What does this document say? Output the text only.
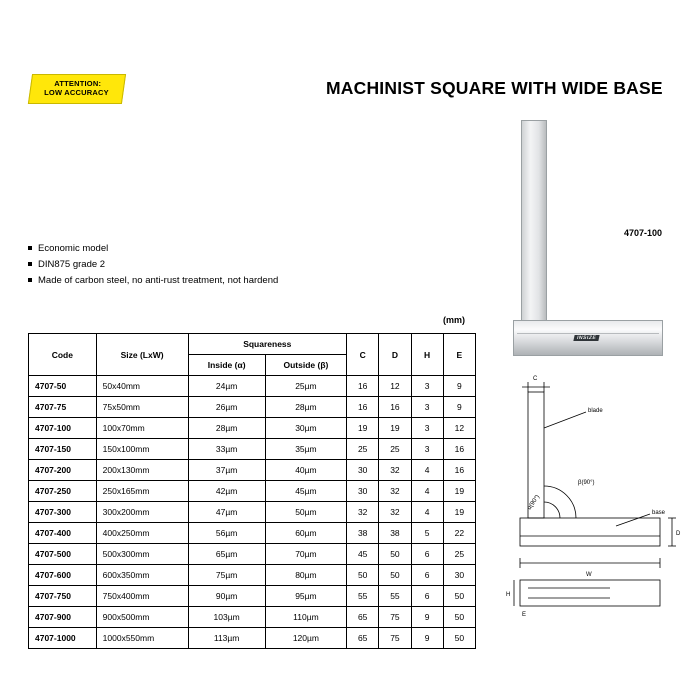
ATTENTION:
LOW ACCURACY	MACHINIST SQUARE WITH WIDE BASE
Economic model
DIN875 grade 2
Made of carbon steel, no anti-rust treatment, not hardend
(mm)
INSIZE
4707-100
Code	Size (LxW)	Squareness		C	D	H	E
		Inside (α)	Outside (β)				
4707-50	50x40mm	24µm	25µm	16	12	3	9
4707-75	75x50mm	26µm	28µm	16	16	3	9
4707-100	100x70mm	28µm	30µm	19	19	3	12
4707-150	150x100mm	33µm	35µm	25	25	3	16
4707-200	200x130mm	37µm	40µm	30	32	4	16
4707-250	250x165mm	42µm	45µm	30	32	4	19
4707-300	300x200mm	47µm	50µm	32	32	4	19
4707-400	400x250mm	56µm	60µm	38	38	5	22
4707-500	500x300mm	65µm	70µm	45	50	6	25
4707-600	600x350mm	75µm	80µm	50	50	6	30
4707-750	750x400mm	90µm	95µm	55	55	6	50
4707-900	900x500mm	103µm	110µm	65	75	9	50
4707-1000	1000x550mm	113µm	120µm	65	75	9	50
C
blade
base
β(90°)
α(90°)
W
D
H
E
